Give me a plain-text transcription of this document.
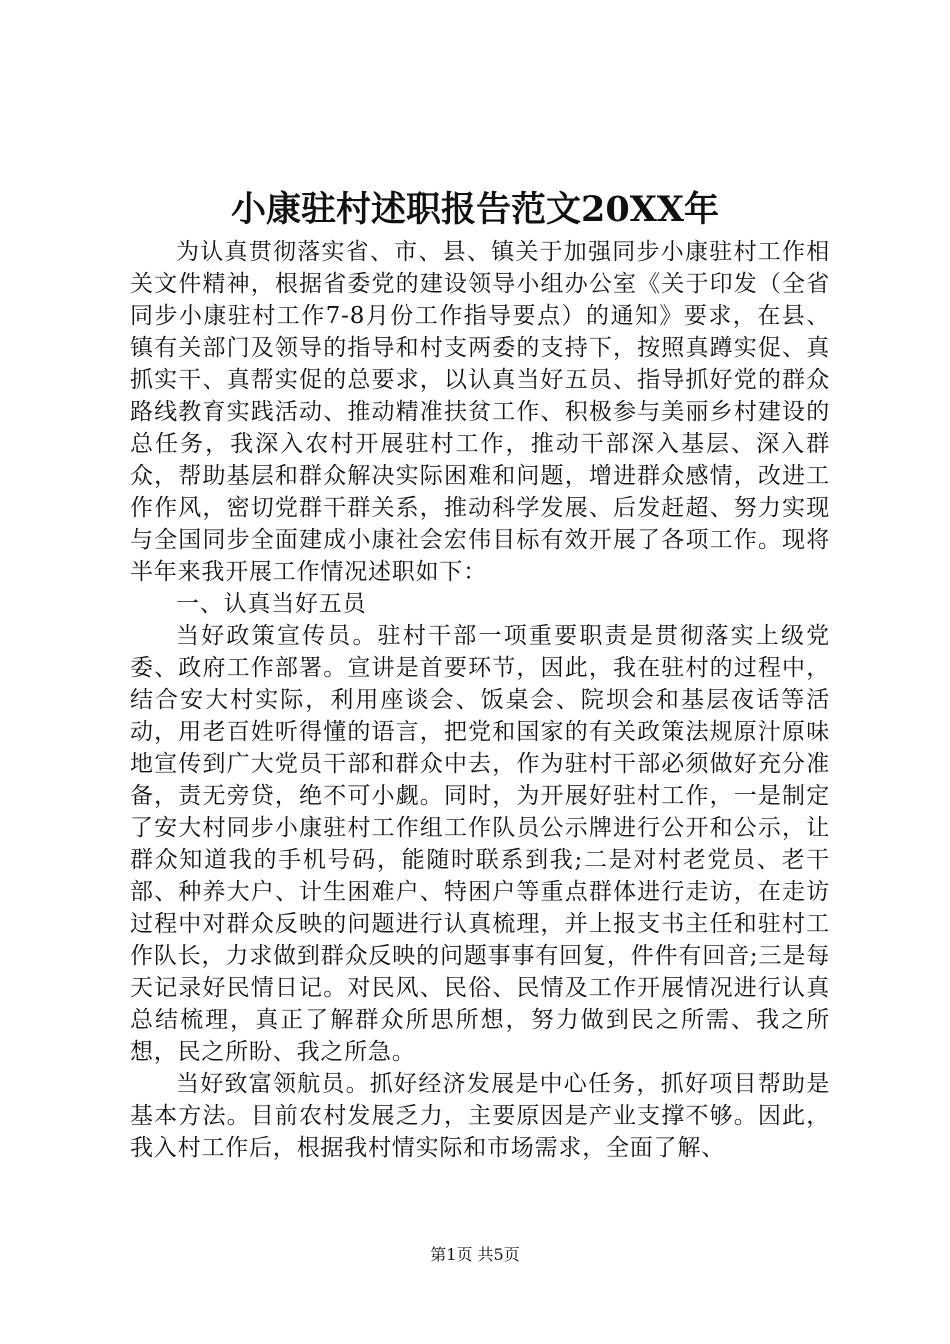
小康驻村述职报告范文20XX年

为认真贯彻落实省、市、县、镇关于加强同步小康驻村工作相关文件精神，根据省委党的建设领导小组办公室《关于印发（全省同步小康驻村工作7-8月份工作指导要点）的通知》要求，在县、镇有关部门及领导的指导和村支两委的支持下，按照真蹲实促、真抓实干、真帮实促的总要求，以认真当好五员、指导抓好党的群众路线教育实践活动、推动精准扶贫工作、积极参与美丽乡村建设的总任务，我深入农村开展驻村工作，推动干部深入基层、深入群众，帮助基层和群众解决实际困难和问题，增进群众感情，改进工作作风，密切党群干群关系，推动科学发展、后发赶超、努力实现与全国同步全面建成小康社会宏伟目标有效开展了各项工作。现将半年来我开展工作情况述职如下：

一、认真当好五员

当好政策宣传员。驻村干部一项重要职责是贯彻落实上级党委、政府工作部署。宣讲是首要环节，因此，我在驻村的过程中，结合安大村实际，利用座谈会、饭桌会、院坝会和基层夜话等活动，用老百姓听得懂的语言，把党和国家的有关政策法规原汁原味地宣传到广大党员干部和群众中去，作为驻村干部必须做好充分准备，责无旁贷，绝不可小觑。同时，为开展好驻村工作，一是制定了安大村同步小康驻村工作组工作队员公示牌进行公开和公示，让群众知道我的手机号码，能随时联系到我;二是对村老党员、老干部、种养大户、计生困难户、特困户等重点群体进行走访，在走访过程中对群众反映的问题进行认真梳理，并上报支书主任和驻村工作队长，力求做到群众反映的问题事事有回复，件件有回音;三是每天记录好民情日记。对民风、民俗、民情及工作开展情况进行认真总结梳理，真正了解群众所思所想，努力做到民之所需、我之所想，民之所盼、我之所急。

当好致富领航员。抓好经济发展是中心任务，抓好项目帮助是基本方法。目前农村发展乏力，主要原因是产业支撑不够。因此，我入村工作后，根据我村情实际和市场需求，全面了解、

第1页 共5页
